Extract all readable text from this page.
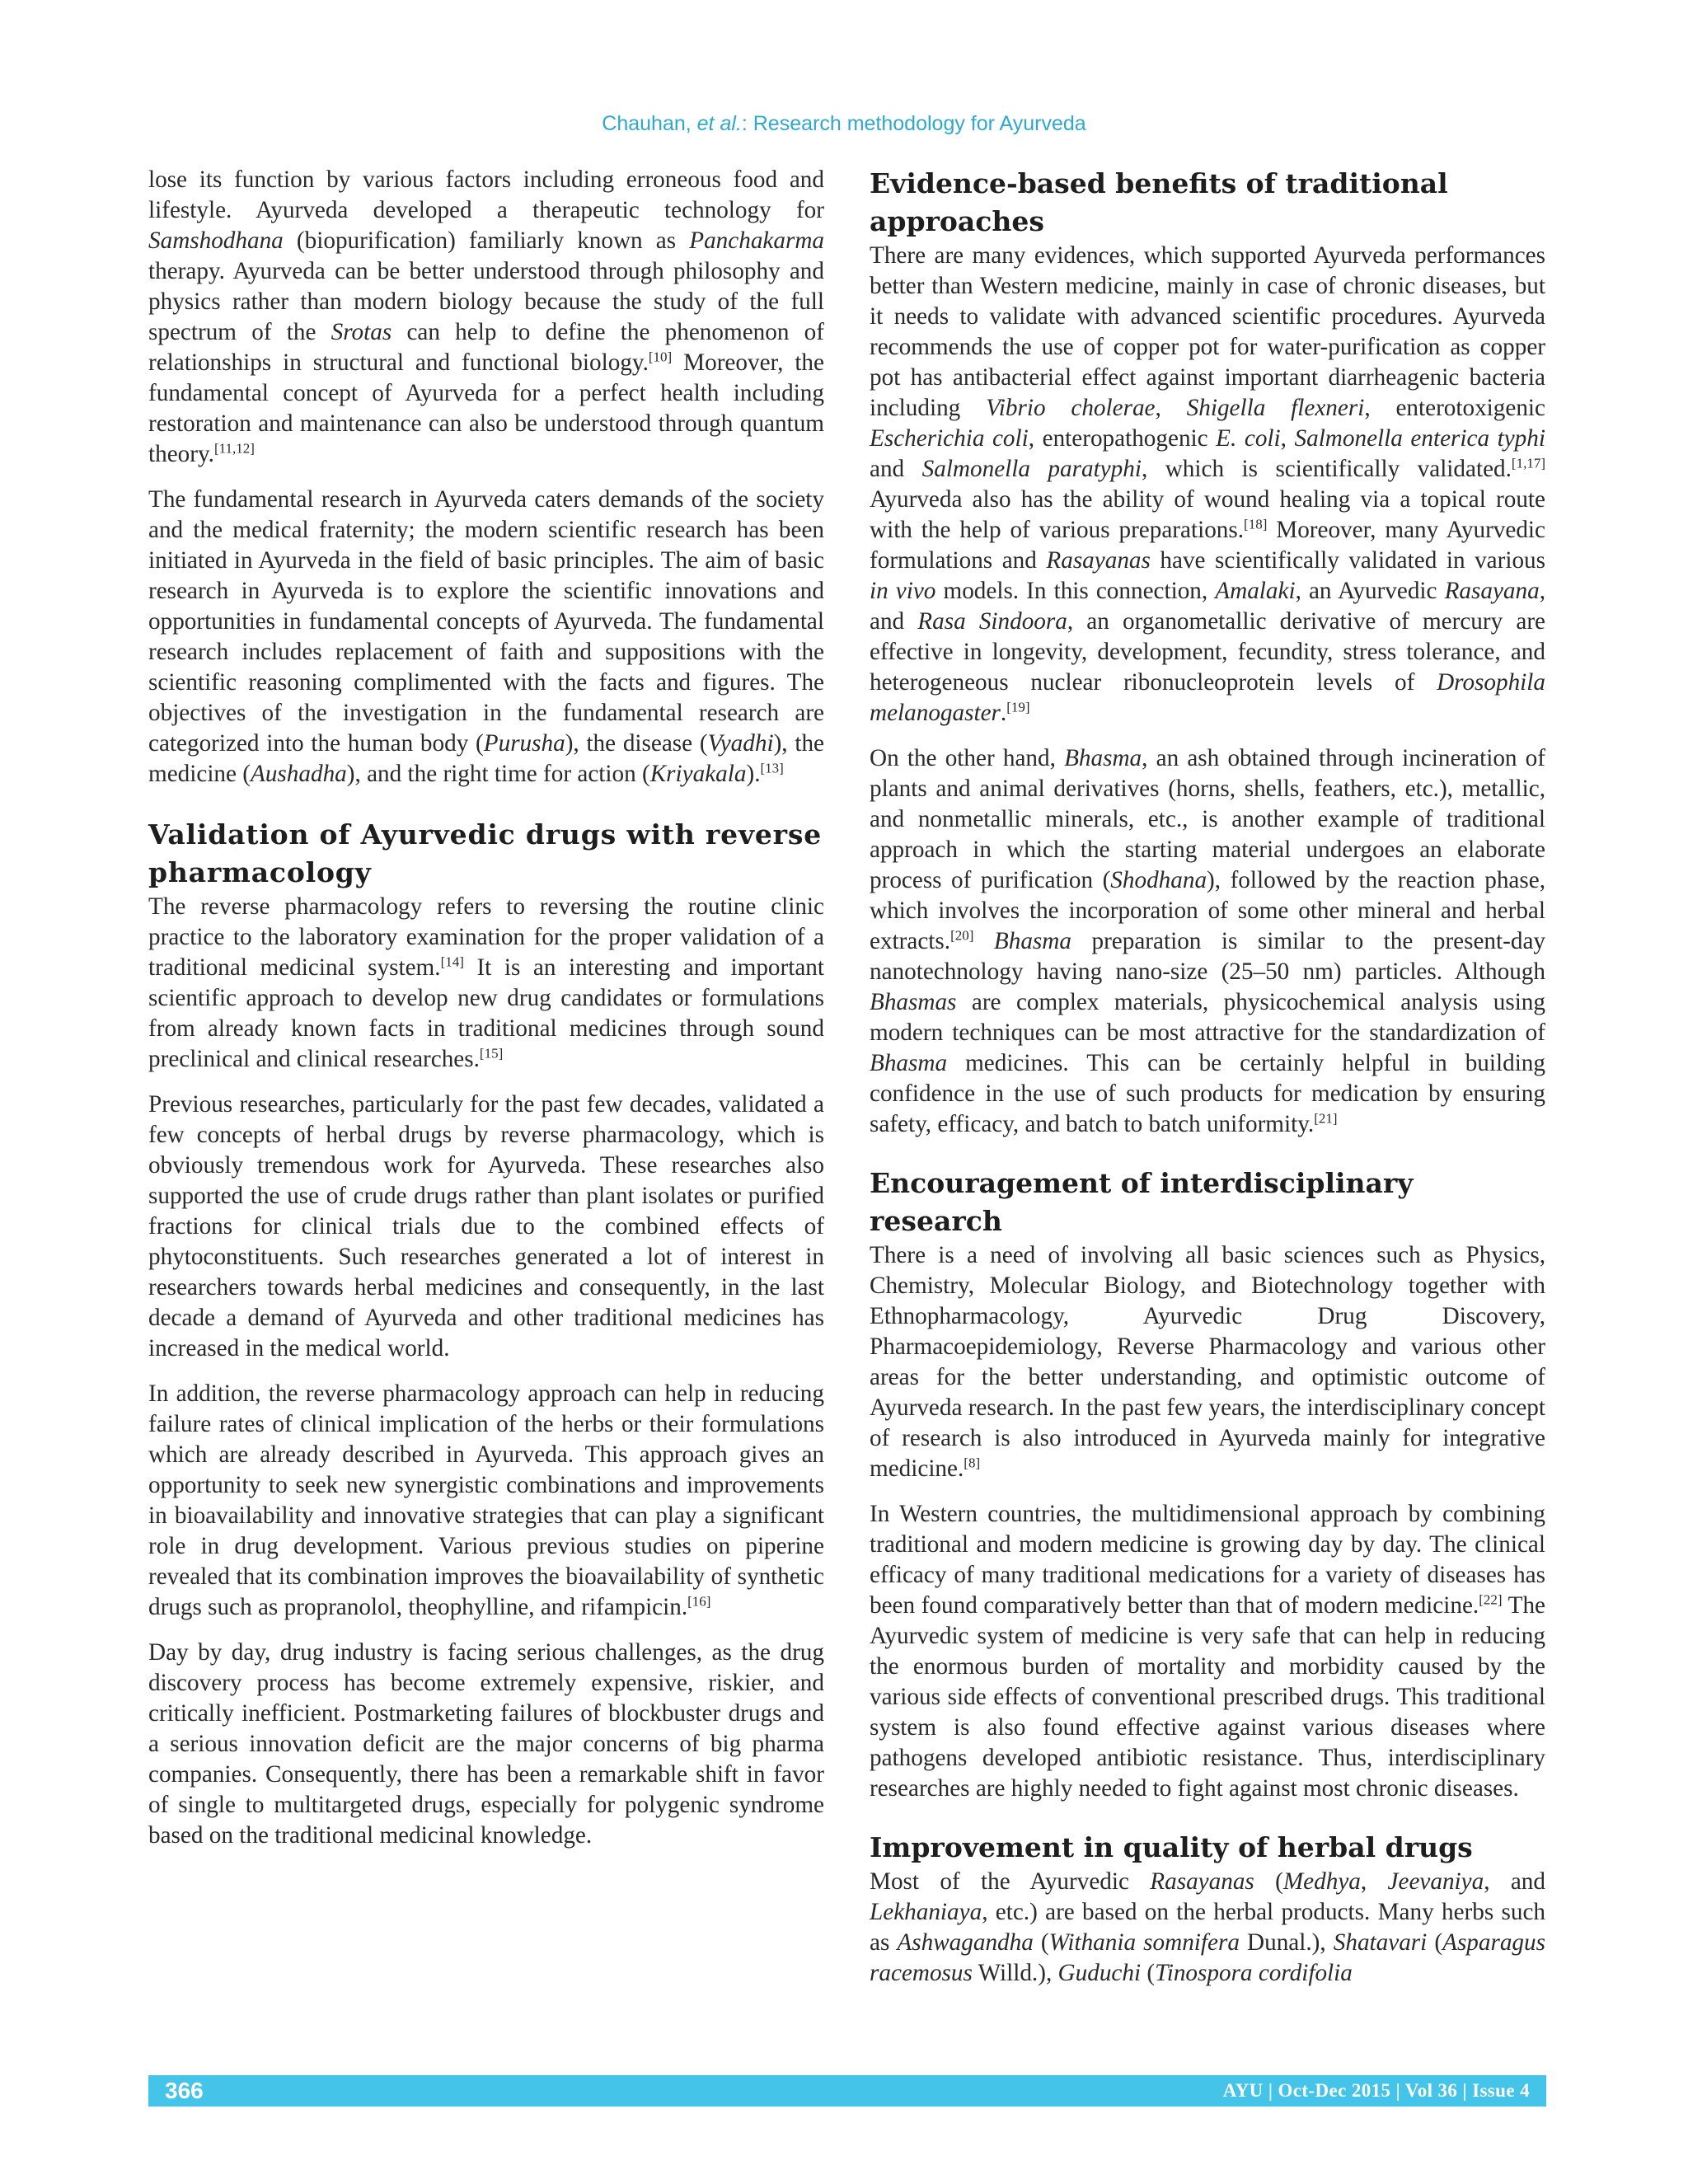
Chauhan, et al.: Research methodology for Ayurveda

lose its function by various factors including erroneous food and lifestyle. Ayurveda developed a therapeutic technology for Samshodhana (biopurification) familiarly known as Panchakarma therapy. Ayurveda can be better understood through philosophy and physics rather than modern biology because the study of the full spectrum of the Srotas can help to define the phenomenon of relationships in structural and functional biology.[10] Moreover, the fundamental concept of Ayurveda for a perfect health including restoration and maintenance can also be understood through quantum theory.[11,12]

The fundamental research in Ayurveda caters demands of the society and the medical fraternity; the modern scientific research has been initiated in Ayurveda in the field of basic principles. The aim of basic research in Ayurveda is to explore the scientific innovations and opportunities in fundamental concepts of Ayurveda. The fundamental research includes replacement of faith and suppositions with the scientific reasoning complimented with the facts and figures. The objectives of the investigation in the fundamental research are categorized into the human body (Purusha), the disease (Vyadhi), the medicine (Aushadha), and the right time for action (Kriyakala).[13]

Validation of Ayurvedic drugs with reverse pharmacology

The reverse pharmacology refers to reversing the routine clinic practice to the laboratory examination for the proper validation of a traditional medicinal system.[14] It is an interesting and important scientific approach to develop new drug candidates or formulations from already known facts in traditional medicines through sound preclinical and clinical researches.[15]

Previous researches, particularly for the past few decades, validated a few concepts of herbal drugs by reverse pharmacology, which is obviously tremendous work for Ayurveda. These researches also supported the use of crude drugs rather than plant isolates or purified fractions for clinical trials due to the combined effects of phytoconstituents. Such researches generated a lot of interest in researchers towards herbal medicines and consequently, in the last decade a demand of Ayurveda and other traditional medicines has increased in the medical world.

In addition, the reverse pharmacology approach can help in reducing failure rates of clinical implication of the herbs or their formulations which are already described in Ayurveda. This approach gives an opportunity to seek new synergistic combinations and improvements in bioavailability and innovative strategies that can play a significant role in drug development. Various previous studies on piperine revealed that its combination improves the bioavailability of synthetic drugs such as propranolol, theophylline, and rifampicin.[16]

Day by day, drug industry is facing serious challenges, as the drug discovery process has become extremely expensive, riskier, and critically inefficient. Postmarketing failures of blockbuster drugs and a serious innovation deficit are the major concerns of big pharma companies. Consequently, there has been a remarkable shift in favor of single to multitargeted drugs, especially for polygenic syndrome based on the traditional medicinal knowledge.

Evidence-based benefits of traditional approaches

There are many evidences, which supported Ayurveda performances better than Western medicine, mainly in case of chronic diseases, but it needs to validate with advanced scientific procedures. Ayurveda recommends the use of copper pot for water-purification as copper pot has antibacterial effect against important diarrheagenic bacteria including Vibrio cholerae, Shigella flexneri, enterotoxigenic Escherichia coli, enteropathogenic E. coli, Salmonella enterica typhi and Salmonella paratyphi, which is scientifically validated.[1,17] Ayurveda also has the ability of wound healing via a topical route with the help of various preparations.[18] Moreover, many Ayurvedic formulations and Rasayanas have scientifically validated in various in vivo models. In this connection, Amalaki, an Ayurvedic Rasayana, and Rasa Sindoora, an organometallic derivative of mercury are effective in longevity, development, fecundity, stress tolerance, and heterogeneous nuclear ribonucleoprotein levels of Drosophila melanogaster.[19]

On the other hand, Bhasma, an ash obtained through incineration of plants and animal derivatives (horns, shells, feathers, etc.), metallic, and nonmetallic minerals, etc., is another example of traditional approach in which the starting material undergoes an elaborate process of purification (Shodhana), followed by the reaction phase, which involves the incorporation of some other mineral and herbal extracts.[20] Bhasma preparation is similar to the present-day nanotechnology having nano-size (25–50 nm) particles. Although Bhasmas are complex materials, physicochemical analysis using modern techniques can be most attractive for the standardization of Bhasma medicines. This can be certainly helpful in building confidence in the use of such products for medication by ensuring safety, efficacy, and batch to batch uniformity.[21]

Encouragement of interdisciplinary research

There is a need of involving all basic sciences such as Physics, Chemistry, Molecular Biology, and Biotechnology together with Ethnopharmacology, Ayurvedic Drug Discovery, Pharmacoepidemiology, Reverse Pharmacology and various other areas for the better understanding, and optimistic outcome of Ayurveda research. In the past few years, the interdisciplinary concept of research is also introduced in Ayurveda mainly for integrative medicine.[8]

In Western countries, the multidimensional approach by combining traditional and modern medicine is growing day by day. The clinical efficacy of many traditional medications for a variety of diseases has been found comparatively better than that of modern medicine.[22] The Ayurvedic system of medicine is very safe that can help in reducing the enormous burden of mortality and morbidity caused by the various side effects of conventional prescribed drugs. This traditional system is also found effective against various diseases where pathogens developed antibiotic resistance. Thus, interdisciplinary researches are highly needed to fight against most chronic diseases.

Improvement in quality of herbal drugs

Most of the Ayurvedic Rasayanas (Medhya, Jeevaniya, and Lekhaniaya, etc.) are based on the herbal products. Many herbs such as Ashwagandha (Withania somnifera Dunal.), Shatavari (Asparagus racemosus Willd.), Guduchi (Tinospora cordifolia

366	AYU | Oct-Dec 2015 | Vol 36 | Issue 4
